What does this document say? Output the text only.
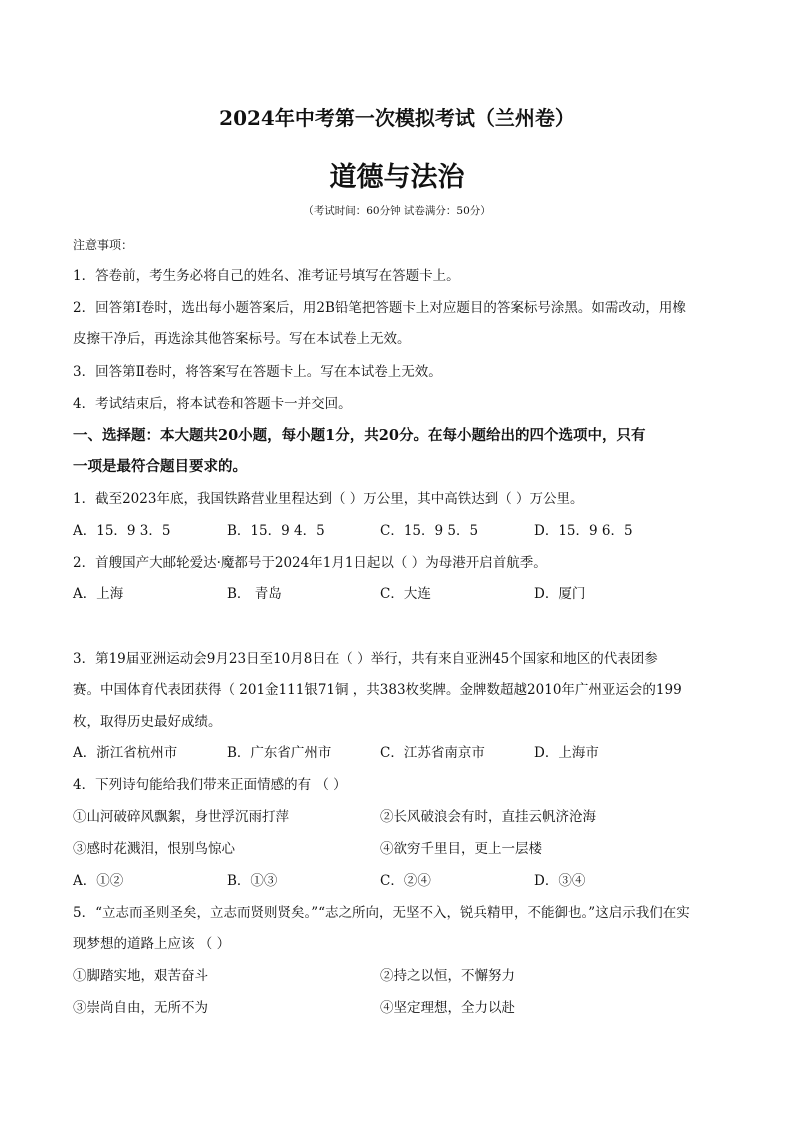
2024年中考第一次模拟考试（兰州卷）
道德与法治
（考试时间：60分钟 试卷满分：50分）
注意事项：
1．答卷前，考生务必将自己的姓名、准考证号填写在答题卡上。
2．回答第Ⅰ卷时，选出每小题答案后，用2B铅笔把答题卡上对应题目的答案标号涂黑。如需改动，用橡
皮擦干净后，再选涂其他答案标号。写在本试卷上无效。
3．回答第Ⅱ卷时，将答案写在答题卡上。写在本试卷上无效。
4．考试结束后，将本试卷和答题卡一并交回。
一、选择题：本大题共20小题，每小题1分，共20分。在每小题给出的四个选项中，只有
一项是最符合题目要求的。
1．截至2023年底，我国铁路营业里程达到（ ）万公里，其中高铁达到（ ）万公里。
A．15．9 3．5	B．15．9 4．5	C．15．9 5．5	D．15．9 6．5
2．首艘国产大邮轮爱达·魔都号于2024年1月1日起以（ ）为母港开启首航季。
A．上海	B． 青岛	C．大连	D．厦门
3．第19届亚洲运动会9月23日至10月8日在（ ）举行，共有来自亚洲45个国家和地区的代表团参
赛。中国体育代表团获得（ 201金111银71铜 ，共383枚奖牌。金牌数超越2010年广州亚运会的199
枚，取得历史最好成绩。
A．浙江省杭州市	B．广东省广州市	C．江苏省南京市	D．上海市
4．下列诗句能给我们带来正面情感的有 （ ）
①山河破碎风飘絮，身世浮沉雨打萍	②长风破浪会有时，直挂云帆济沧海
③感时花溅泪，恨别鸟惊心	④欲穷千里目，更上一层楼
A．①②	B．①③	C．②④	D．③④
5．“立志而圣则圣矣，立志而贤则贤矣。”“志之所向，无坚不入，锐兵精甲，不能御也。”这启示我们在实
现梦想的道路上应该 （ ）
①脚踏实地，艰苦奋斗	②持之以恒，不懈努力
③崇尚自由，无所不为	④坚定理想，全力以赴
